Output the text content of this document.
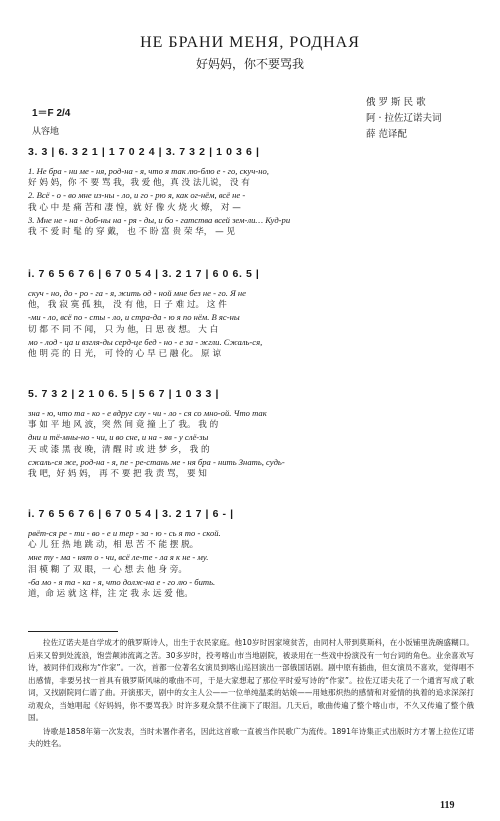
НЕ БРАНИ МЕНЯ, РОДНАЯ
好妈妈，你不要骂我
俄 罗 斯 民 歌
阿 · 拉佐辽诺夫词
薛 范译配
1＝F 2/4
从容地
3. 3 | 6. 3 2 1 | 1 7 0 2 4 | 3. 7 3 2 | 1 0 3 6 |
1. Не бра - ни ме - ня, род-на - я, что я так лю-блю е - го, скуч-но,
好 妈 妈，你 不 要 骂 我，我 爱 他，真 没 法儿说， 没 有
2. Всё - о - во мне из-ны - ло, и го - рю я, как ог-нём, всё не -
我 心 中 是 痛 苦和 凄 惶，就 好 像 火 烧 火 燎， 对 —
3. Мне не - на - доб-ны на - ря - ды, и бо - гатства всей зем-ли… Куд-ри
我 不 爱 时 髦 的 穿 戴， 也 不 盼 富 贵 荣 华， — 见
i. 7 6 5 6 7 6 | 6 7 0 5 4 | 3. 2 1 7 | 6 0 6. 5 |
скуч - но, до - ро - га - я, жить од - ной мне без не - го. Я не
他， 我 寂 寞 孤 独， 没 有 他，日 子 难 过。 这 件
-ми - ло, всё по - сты - ло, и стра-да - ю я по нём. В яс-ны
切 都 不 同 不 闻， 只 为 他，日 思 夜 想。 大 白
мо - лод - ца и взгля-ды серд-це бед - но - е за - жгли. Сжаль-ся,
他 明 亮 的 日 光， 可 怜的 心 早 已 融 化。 原 谅
5. 7 3 2 | 2 1 0 6. 5 | 5 6 7 | 1 0 3 3 |
зна - ю, что та - ко - е вдруг слу - чи - ло - ся со мно-ой. Что так
事 如 平 地 风 波，突 然 间 竟 撞 上了 我。 我 的
дни и тё-мны-но - чи, и во сне, и на - яв - у слё-зы
天 或 漆 黑 夜 晚，清 醒 时 或 进 梦 乡， 我 的
сжаль-ся же, род-на - я, пе - ре-стань ме - ня бра - нить Знать, судь-
我 吧，好 妈 妈， 再 不 要 把 我 责 骂， 要 知
i. 7 6 5 6 7 6 | 6 7 0 5 4 | 3. 2 1 7 | 6 - |
рвёт-ся ре - ти - во - е и тер - за - ю - сь я то - ской.
心 儿 狂 热 地 跳 动，相 思 苦 不 能 摆 脱。
мне ту - ма - нят о - чи, всё ле-те - ла я к не - му.
泪 模 糊 了 双 眼，一 心 想 去 他 身 旁。
-ба мо - я та - ка - я, что долж-на е - го лю - бить.
道，命 运 就 这 样，注 定 我 永 远 爱 他。

拉佐辽诺夫是自学成才的俄罗斯诗人，出生于农民家庭。他10岁时因家境贫苦，由同村人带到莫斯科，在小饭铺里洗碗盛糊口。后来又曾到处流浪，饱尝颠沛流离之苦。30多岁时，投考喀山市当地剧院，被录用在一些戏中扮演没有一句台词的角色。业余喜欢写诗，被同伴们戏称为“作家”。一次，首都一位著名女演员到喀山巡回演出一部俄国话剧。剧中原有插曲，但女演员不喜欢，觉得唱不出感情，非要另找一首具有俄罗斯风味的歌曲不可，于是大家想起了那位平时爱写诗的“作家”。拉佐辽诺夫花了一个通宵写成了歌词，又找剧院同仁谱了曲。开演那天，剧中的女主人公——一位单纯温柔的姑娘——用她那炽热的感情和对爱情的执着的追求深深打动观众，当她唱起《好妈妈，你不要骂我》时许多观众禁不住滴下了眼泪。几天后，歌曲传遍了整个喀山市，不久又传遍了整个俄国。

诗歌是1858年第一次发表，当时未署作者名，因此这首歌一直被当作民歌广为流传。1891年诗集正式出版时方才署上拉佐辽诺夫的姓名。

119
